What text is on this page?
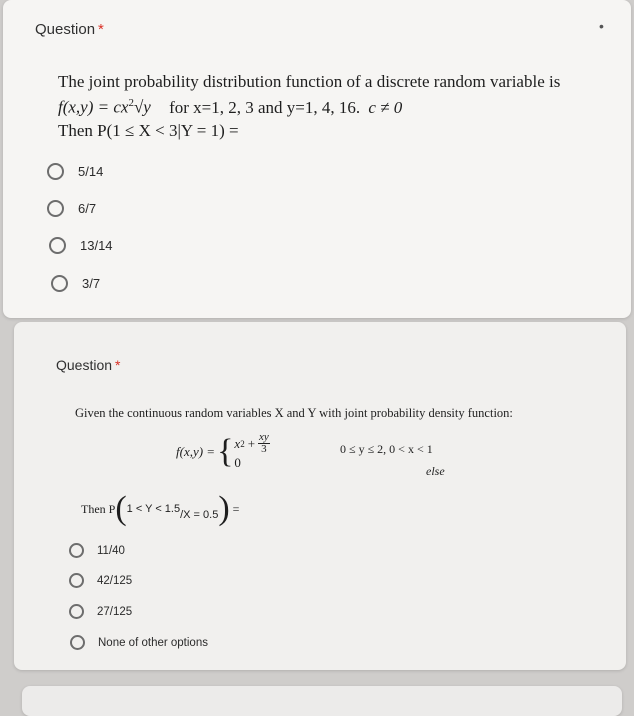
Question *	•
The joint probability distribution function of a discrete random variable is
$f(x,y) = cx^2√y$ for x=1, 2, 3 and y=1, 4, 16. c ≠ 0
Then P(1 ≤ X < 3|Y = 1) =
5/14
6/7
13/14
3/7
Question *
Given the continuous random variables X and Y with joint probability density function:
f(x,y) = { x $2 + \frac{xy}{3}$
0
0 ≤ y ≤ 2, 0 < x < 1
else
Then P ( 1 < Y < 1.5 /X = 0.5 ) =
11/40
42/125
27/125
None of other options
